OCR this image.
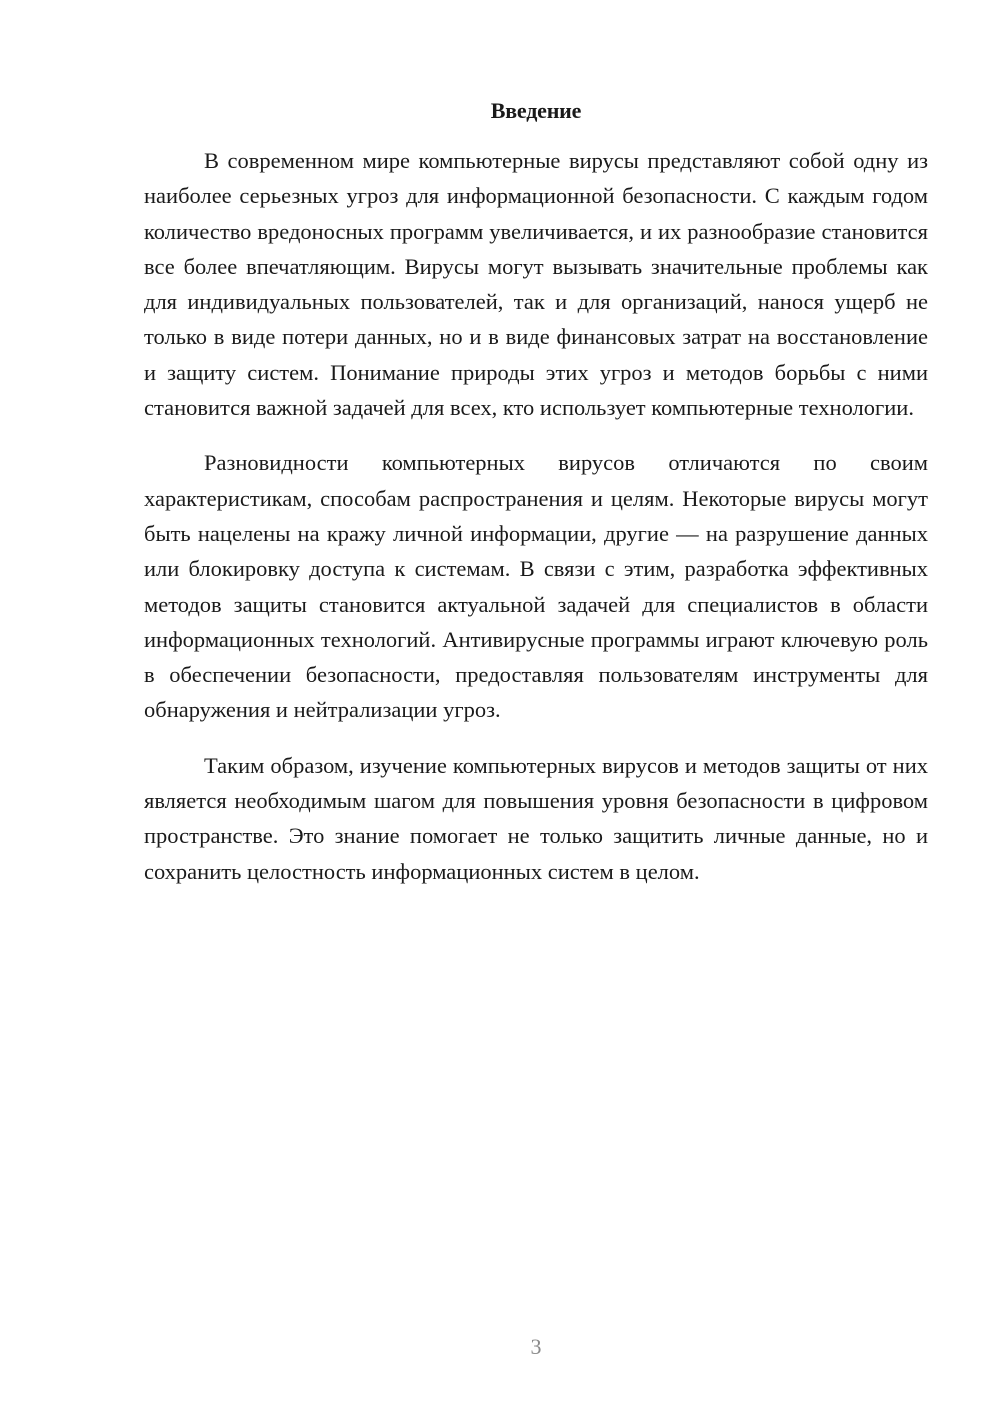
Введение

В современном мире компьютерные вирусы представляют собой одну из наиболее серьезных угроз для информационной безопасности. С каждым годом количество вредоносных программ увеличивается, и их разнообразие становится все более впечатляющим. Вирусы могут вызывать значительные проблемы как для индивидуальных пользователей, так и для организаций, нанося ущерб не только в виде потери данных, но и в виде финансовых затрат на восстановление и защиту систем. Понимание природы этих угроз и методов борьбы с ними становится важной задачей для всех, кто использует компьютерные технологии.

Разновидности компьютерных вирусов отличаются по своим характеристикам, способам распространения и целям. Некоторые вирусы могут быть нацелены на кражу личной информации, другие — на разрушение данных или блокировку доступа к системам. В связи с этим, разработка эффективных методов защиты становится актуальной задачей для специалистов в области информационных технологий. Антивирусные программы играют ключевую роль в обеспечении безопасности, предоставляя пользователям инструменты для обнаружения и нейтрализации угроз.

Таким образом, изучение компьютерных вирусов и методов защиты от них является необходимым шагом для повышения уровня безопасности в цифровом пространстве. Это знание помогает не только защитить личные данные, но и сохранить целостность информационных систем в целом.

3
